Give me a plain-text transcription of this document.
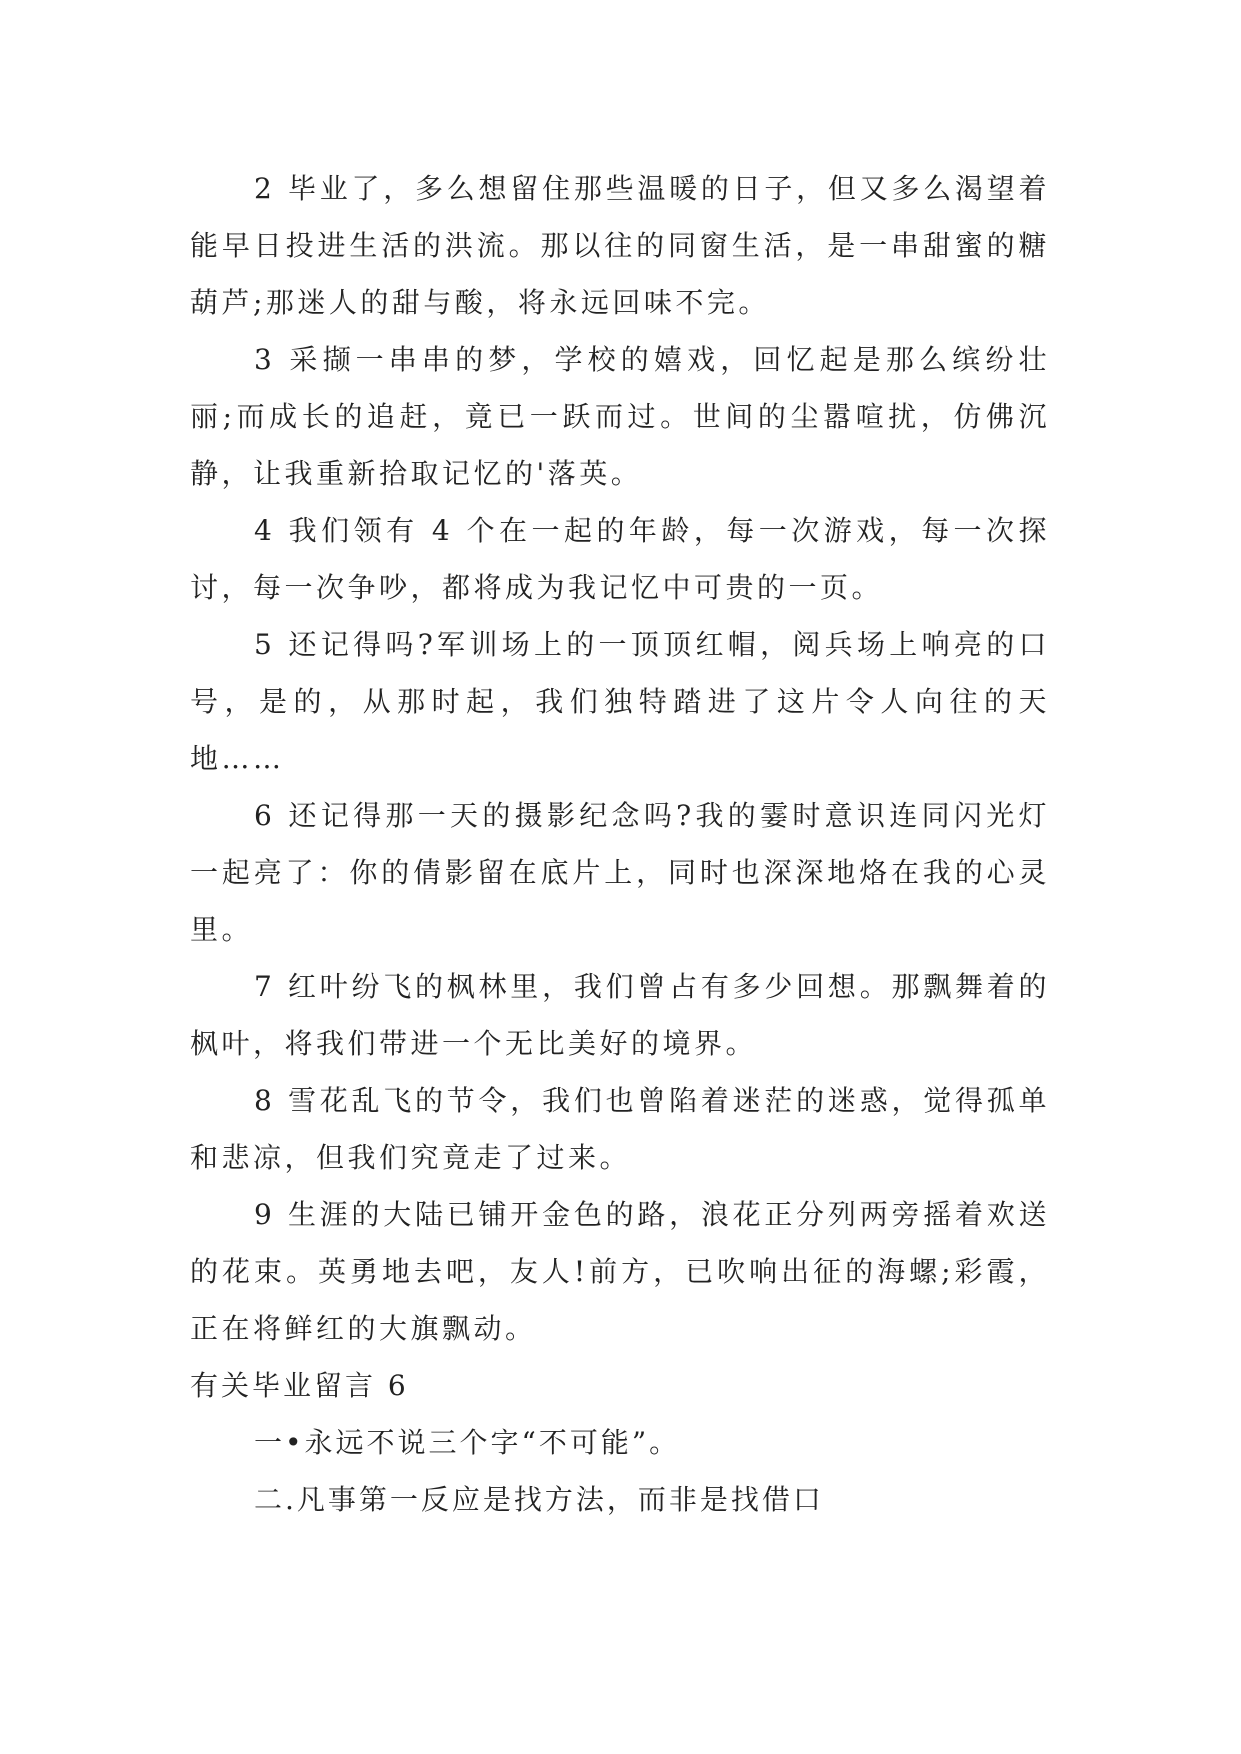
2 毕业了，多么想留住那些温暖的日子，但又多么渴望着能早日投进生活的洪流。那以往的同窗生活，是一串甜蜜的糖葫芦;那迷人的甜与酸，将永远回味不完。

3 采撷一串串的梦，学校的嬉戏，回忆起是那么缤纷壮丽;而成长的追赶，竟已一跃而过。世间的尘嚣喧扰，仿佛沉静，让我重新拾取记忆的'落英。

4 我们领有 4 个在一起的年龄，每一次游戏，每一次探讨，每一次争吵，都将成为我记忆中可贵的一页。

5 还记得吗?军训场上的一顶顶红帽，阅兵场上响亮的口号，是的，从那时起，我们独特踏进了这片令人向往的天地……

6 还记得那一天的摄影纪念吗?我的霎时意识连同闪光灯一起亮了：你的倩影留在底片上，同时也深深地烙在我的心灵里。

7 红叶纷飞的枫林里，我们曾占有多少回想。那飘舞着的枫叶，将我们带进一个无比美好的境界。

8 雪花乱飞的节令，我们也曾陷着迷茫的迷惑，觉得孤单和悲凉，但我们究竟走了过来。

9 生涯的大陆已铺开金色的路，浪花正分列两旁摇着欢送的花束。英勇地去吧，友人!前方，已吹响出征的海螺;彩霞，正在将鲜红的大旗飘动。

有关毕业留言 6

一•永远不说三个字“不可能”。

二.凡事第一反应是找方法，而非是找借口
